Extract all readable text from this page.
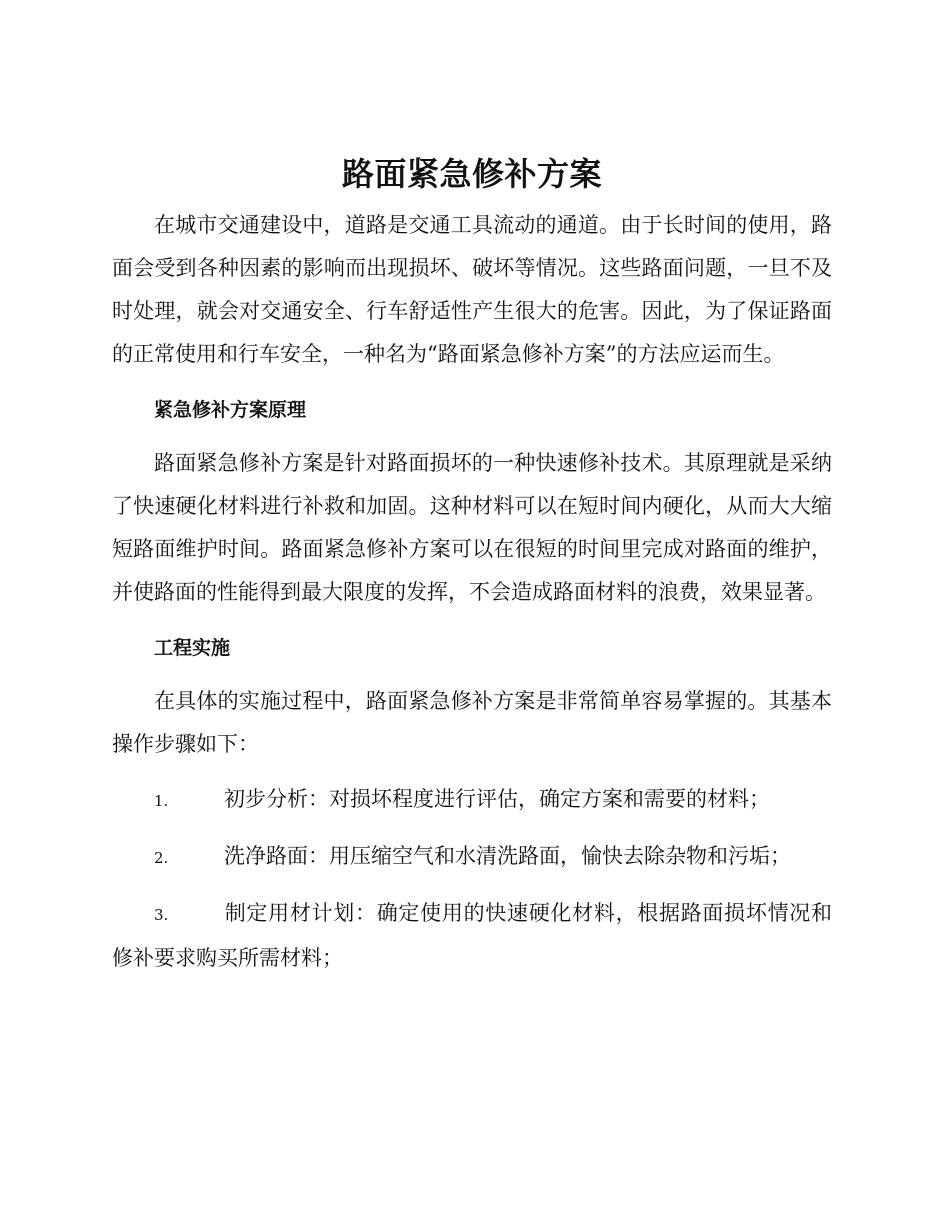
路面紧急修补方案

在城市交通建设中，道路是交通工具流动的通道。由于长时间的使用，路面会受到各种因素的影响而出现损坏、破坏等情况。这些路面问题，一旦不及时处理，就会对交通安全、行车舒适性产生很大的危害。因此，为了保证路面的正常使用和行车安全，一种名为“路面紧急修补方案”的方法应运而生。

紧急修补方案原理

路面紧急修补方案是针对路面损坏的一种快速修补技术。其原理就是采纳了快速硬化材料进行补救和加固。这种材料可以在短时间内硬化，从而大大缩短路面维护时间。路面紧急修补方案可以在很短的时间里完成对路面的维护，并使路面的性能得到最大限度的发挥，不会造成路面材料的浪费，效果显著。

工程实施

在具体的实施过程中，路面紧急修补方案是非常简单容易掌握的。其基本操作步骤如下：

1.	初步分析：对损坏程度进行评估，确定方案和需要的材料；
2.	洗净路面：用压缩空气和水清洗路面，愉快去除杂物和污垢；
3.	制定用材计划：确定使用的快速硬化材料，根据路面损坏情况和修补要求购买所需材料；
